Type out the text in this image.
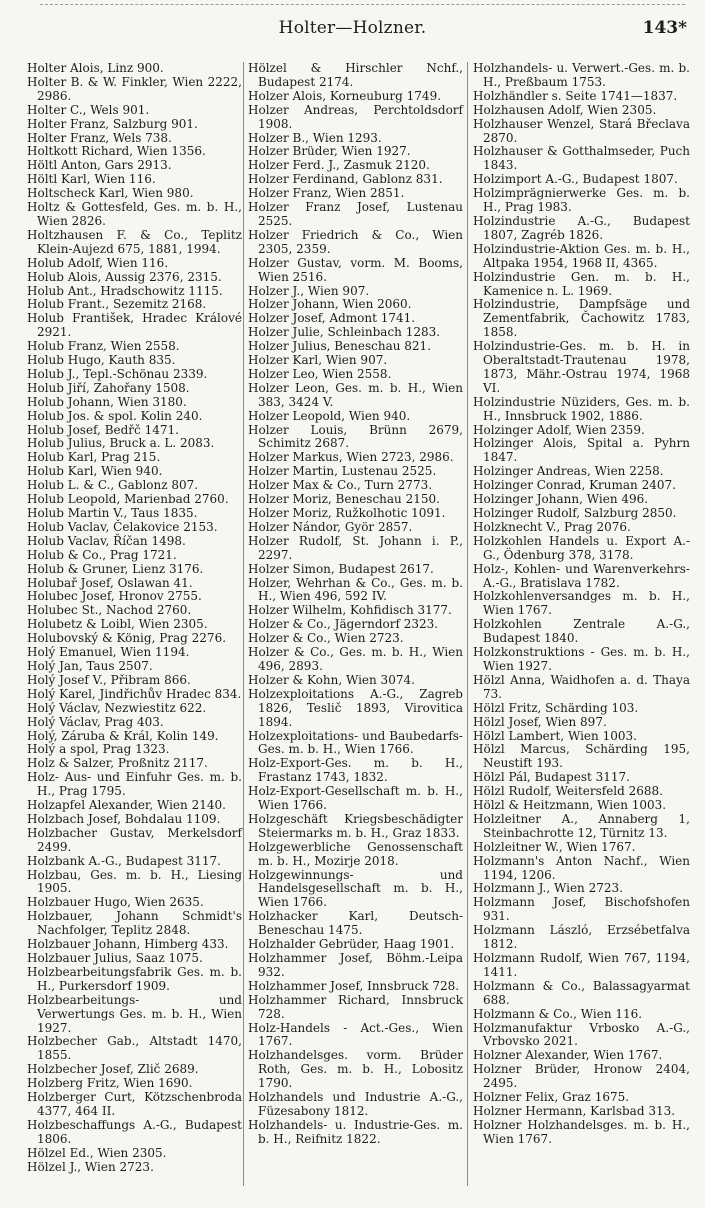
Holter—Holzner.	143*
Holter Alois, Linz 900.
Holter B. & W. Finkler, Wien 2222, 2986.
Holter C., Wels 901.
Holter Franz, Salzburg 901.
Holter Franz, Wels 738.
Holtkott Richard, Wien 1356.
Höltl Anton, Gars 2913.
Höltl Karl, Wien 116.
Holtscheck Karl, Wien 980.
Holtz & Gottesfeld, Ges. m. b. H., Wien 2826.
Holtzhausen F. & Co., Teplitz Klein-Aujezd 675, 1881, 1994.
Holub Adolf, Wien 116.
Holub Alois, Aussig 2376, 2315.
Holub Ant., Hradschowitz 1115.
Holub Frant., Sezemitz 2168.
Holub František, Hradec Králové 2921.
Holub Franz, Wien 2558.
Holub Hugo, Kauth 835.
Holub J., Tepl.-Schönau 2339.
Holub Jiří, Zahořany 1508.
Holub Johann, Wien 3180.
Holub Jos. & spol. Kolin 240.
Holub Josef, Bedřč 1471.
Holub Julius, Bruck a. L. 2083.
Holub Karl, Prag 215.
Holub Karl, Wien 940.
Holub L. & C., Gablonz 807.
Holub Leopold, Marienbad 2760.
Holub Martin V., Taus 1835.
Holub Vaclav, Čelakovice 2153.
Holub Vaclav, Říčan 1498.
Holub & Co., Prag 1721.
Holub & Gruner, Lienz 3176.
Holubař Josef, Oslawan 41.
Holubec Josef, Hronov 2755.
Holubec St., Nachod 2760.
Holubetz & Loibl, Wien 2305.
Holubovský & König, Prag 2276.
Holý Emanuel, Wien 1194.
Holý Jan, Taus 2507.
Holý Josef V., Přibram 866.
Holý Karel, Jindřichův Hradec 834.
Holý Václav, Nezwiestitz 622.
Holý Václav, Prag 403.
Holý, Záruba & Král, Kolin 149.
Holý a spol, Prag 1323.
Holz & Salzer, Proßnitz 2117.
Holz- Aus- und Einfuhr Ges. m. b. H., Prag 1795.
Holzapfel Alexander, Wien 2140.
Holzbach Josef, Bohdalau 1109.
Holzbacher Gustav, Merkelsdorf 2499.
Holzbank A.-G., Budapest 3117.
Holzbau, Ges. m. b. H., Liesing 1905.
Holzbauer Hugo, Wien 2635.
Holzbauer, Johann Schmidt's Nachfolger, Teplitz 2848.
Holzbauer Johann, Himberg 433.
Holzbauer Julius, Saaz 1075.
Holzbearbeitungsfabrik Ges. m. b. H., Purkersdorf 1909.
Holzbearbeitungs- und Verwertungs Ges. m. b. H., Wien 1927.
Holzbecher Gab., Altstadt 1470, 1855.
Holzbecher Josef, Zlič 2689.
Holzberg Fritz, Wien 1690.
Holzberger Curt, Kötzschenbroda 4377, 464 II.
Holzbeschaffungs A.-G., Budapest 1806.
Hölzel Ed., Wien 2305.
Hölzel J., Wien 2723.
Hölzel & Hirschler Nchf., Budapest 2174.
Holzer Alois, Korneuburg 1749.
Holzer Andreas, Perchtoldsdorf 1908.
Holzer B., Wien 1293.
Holzer Brüder, Wien 1927.
Holzer Ferd. J., Zasmuk 2120.
Holzer Ferdinand, Gablonz 831.
Holzer Franz, Wien 2851.
Holzer Franz Josef, Lustenau 2525.
Holzer Friedrich & Co., Wien 2305, 2359.
Holzer Gustav, vorm. M. Booms, Wien 2516.
Holzer J., Wien 907.
Holzer Johann, Wien 2060.
Holzer Josef, Admont 1741.
Holzer Julie, Schleinbach 1283.
Holzer Julius, Beneschau 821.
Holzer Karl, Wien 907.
Holzer Leo, Wien 2558.
Holzer Leon, Ges. m. b. H., Wien 383, 3424 V.
Holzer Leopold, Wien 940.
Holzer Louis, Brünn 2679, Schimitz 2687.
Holzer Markus, Wien 2723, 2986.
Holzer Martin, Lustenau 2525.
Holzer Max & Co., Turn 2773.
Holzer Moriz, Beneschau 2150.
Holzer Moriz, Ružkolhotic 1091.
Holzer Nándor, Györ 2857.
Holzer Rudolf, St. Johann i. P., 2297.
Holzer Simon, Budapest 2617.
Holzer, Wehrhan & Co., Ges. m. b. H., Wien 496, 592 IV.
Holzer Wilhelm, Kohfidisch 3177.
Holzer & Co., Jägerndorf 2323.
Holzer & Co., Wien 2723.
Holzer & Co., Ges. m. b. H., Wien 496, 2893.
Holzer & Kohn, Wien 3074.
Holzexploitations A.-G., Zagreb 1826, Teslič 1893, Virovitica 1894.
Holzexploitations- und Baubedarfs-Ges. m. b. H., Wien 1766.
Holz-Export-Ges. m. b. H., Frastanz 1743, 1832.
Holz-Export-Gesellschaft m. b. H., Wien 1766.
Holzgeschäft Kriegsbeschädigter Steiermarks m. b. H., Graz 1833.
Holzgewerbliche Genossenschaft m. b. H., Mozirje 2018.
Holzgewinnungs- und Handelsgesellschaft m. b. H., Wien 1766.
Holzhacker Karl, Deutsch-Beneschau 1475.
Holzhalder Gebrüder, Haag 1901.
Holzhammer Josef, Böhm.-Leipa 932.
Holzhammer Josef, Innsbruck 728.
Holzhammer Richard, Innsbruck 728.
Holz-Handels - Act.-Ges., Wien 1767.
Holzhandelsges. vorm. Brüder Roth, Ges. m. b. H., Lobositz 1790.
Holzhandels und Industrie A.-G., Füzesabony 1812.
Holzhandels- u. Industrie-Ges. m. b. H., Reifnitz 1822.
Holzhandels- u. Verwert.-Ges. m. b. H., Preßbaum 1753.
Holzhändler s. Seite 1741—1837.
Holzhausen Adolf, Wien 2305.
Holzhauser Wenzel, Stará Břeclava 2870.
Holzhauser & Gotthalmseder, Puch 1843.
Holzimport A.-G., Budapest 1807.
Holzimprägnierwerke Ges. m. b. H., Prag 1983.
Holzindustrie A.-G., Budapest 1807, Zagréb 1826.
Holzindustrie-Aktion Ges. m. b. H., Altpaka 1954, 1968 II, 4365.
Holzindustrie Gen. m. b. H., Kamenice n. L. 1969.
Holzindustrie, Dampfsäge und Zementfabrik, Čachowitz 1783, 1858.
Holzindustrie-Ges. m. b. H. in Oberaltstadt-Trautenau 1978, 1873, Mähr.-Ostrau 1974, 1968 VI.
Holzindustrie Nüziders, Ges. m. b. H., Innsbruck 1902, 1886.
Holzinger Adolf, Wien 2359.
Holzinger Alois, Spital a. Pyhrn 1847.
Holzinger Andreas, Wien 2258.
Holzinger Conrad, Kruman 2407.
Holzinger Johann, Wien 496.
Holzinger Rudolf, Salzburg 2850.
Holzknecht V., Prag 2076.
Holzkohlen Handels u. Export A.-G., Ödenburg 378, 3178.
Holz-, Kohlen- und Warenverkehrs-A.-G., Bratislava 1782.
Holzkohlenversandges m. b. H., Wien 1767.
Holzkohlen Zentrale A.-G., Budapest 1840.
Holzkonstruktions - Ges. m. b. H., Wien 1927.
Hölzl Anna, Waidhofen a. d. Thaya 73.
Hölzl Fritz, Schärding 103.
Hölzl Josef, Wien 897.
Hölzl Lambert, Wien 1003.
Hölzl Marcus, Schärding 195, Neustift 193.
Hölzl Pál, Budapest 3117.
Hölzl Rudolf, Weitersfeld 2688.
Hölzl & Heitzmann, Wien 1003.
Holzleitner A., Annaberg 1, Steinbachrotte 12, Türnitz 13.
Holzleitner W., Wien 1767.
Holzmann's Anton Nachf., Wien 1194, 1206.
Holzmann J., Wien 2723.
Holzmann Josef, Bischofshofen 931.
Holzmann László, Erzsébetfalva 1812.
Holzmann Rudolf, Wien 767, 1194, 1411.
Holzmann & Co., Balassagyarmat 688.
Holzmann & Co., Wien 116.
Holzmanufaktur Vrbosko A.-G., Vrbovsko 2021.
Holzner Alexander, Wien 1767.
Holzner Brüder, Hronow 2404, 2495.
Holzner Felix, Graz 1675.
Holzner Hermann, Karlsbad 313.
Holzner Holzhandelsges. m. b. H., Wien 1767.
